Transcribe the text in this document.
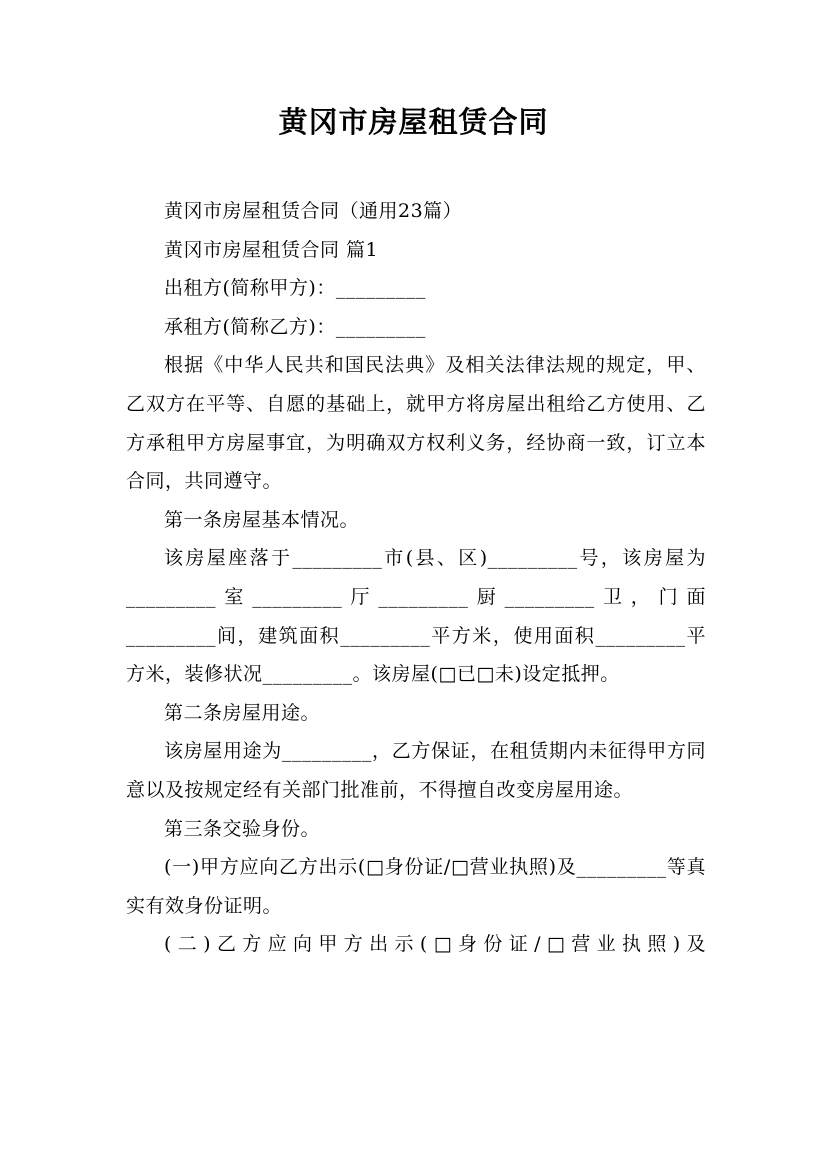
黄冈市房屋租赁合同

黄冈市房屋租赁合同（通用23篇）

黄冈市房屋租赁合同 篇1

出租方(简称甲方)：_________

承租方(简称乙方)：_________

根据《中华人民共和国民法典》及相关法律法规的规定，甲、乙双方在平等、自愿的基础上，就甲方将房屋出租给乙方使用、乙方承租甲方房屋事宜，为明确双方权利义务，经协商一致，订立本合同，共同遵守。

第一条房屋基本情况。

该房屋座落于_________市(县、区)_________号，该房屋为_________室_________厅_________厨_________卫，门面_________间，建筑面积_________平方米，使用面积_________平方米，装修状况_________。该房屋(□已□未)设定抵押。

第二条房屋用途。

该房屋用途为_________，乙方保证，在租赁期内未征得甲方同意以及按规定经有关部门批准前，不得擅自改变房屋用途。

第三条交验身份。

(一)甲方应向乙方出示(□身份证/□营业执照)及_________等真实有效身份证明。

(二)乙方应向甲方出示(□身份证/□营业执照)及
